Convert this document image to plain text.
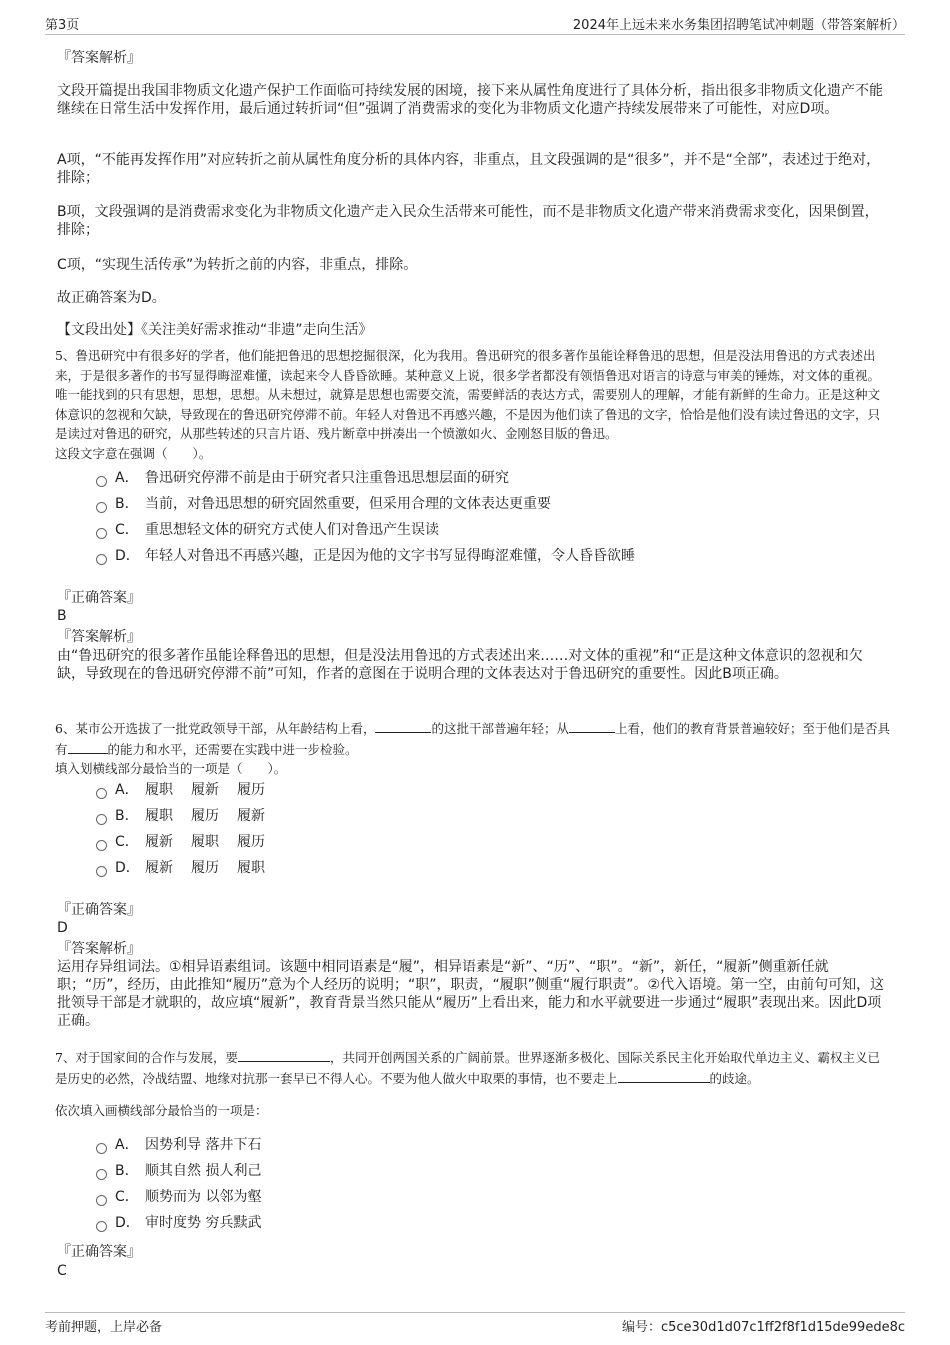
第3页	2024年上远未来水务集团招聘笔试冲刺题（带答案解析）
『答案解析』
文段开篇提出我国非物质文化遗产保护工作面临可持续发展的困境，接下来从属性角度进行了具体分析，指出很多非物质文化遗产不能继续在日常生活中发挥作用，最后通过转折词“但”强调了消费需求的变化为非物质文化遗产持续发展带来了可能性，对应D项。
A项，“不能再发挥作用”对应转折之前从属性角度分析的具体内容，非重点，且文段强调的是“很多”，并不是“全部”，表述过于绝对，排除；
B项，文段强调的是消费需求变化为非物质文化遗产走入民众生活带来可能性，而不是非物质文化遗产带来消费需求变化，因果倒置，排除；
C项，“实现生活传承”为转折之前的内容，非重点，排除。
故正确答案为D。
【文段出处】《关注美好需求推动“非遗”走向生活》
5、鲁迅研究中有很多好的学者，他们能把鲁迅的思想挖掘很深，化为我用。鲁迅研究的很多著作虽能诠释鲁迅的思想，但是没法用鲁迅的方式表述出来，于是很多著作的书写显得晦涩难懂，读起来令人昏昏欲睡。某种意义上说，很多学者都没有领悟鲁迅对语言的诗意与审美的锤炼，对文体的重视。唯一能找到的只有思想，思想，思想。从未想过，就算是思想也需要交流，需要鲜活的表达方式，需要别人的理解，才能有新鲜的生命力。正是这种文体意识的忽视和欠缺，导致现在的鲁迅研究停滞不前。年轻人对鲁迅不再感兴趣，不是因为他们读了鲁迅的文字，恰恰是他们没有读过鲁迅的文字，只是读过对鲁迅的研究，从那些转述的只言片语、残片断章中拼凑出一个愤激如火、金刚怒目版的鲁迅。
这段文字意在强调（　　）。
A． 鲁迅研究停滞不前是由于研究者只注重鲁迅思想层面的研究
B． 当前，对鲁迅思想的研究固然重要，但采用合理的文体表达更重要
C． 重思想轻文体的研究方式使人们对鲁迅产生误读
D． 年轻人对鲁迅不再感兴趣，正是因为他的文字书写显得晦涩难懂，令人昏昏欲睡
『正确答案』
B
『答案解析』
由“鲁迅研究的很多著作虽能诠释鲁迅的思想，但是没法用鲁迅的方式表述出来……对文体的重视”和“正是这种文体意识的忽视和欠缺，导致现在的鲁迅研究停滞不前”可知，作者的意图在于说明合理的文体表达对于鲁迅研究的重要性。因此B项正确。
6、某市公开选拔了一批党政领导干部，从年龄结构上看，	的这批干部普遍年轻；从	上看，他们的教育背景普遍较好；至于他们是否具有	的能力和水平，还需要在实践中进一步检验。
填入划横线部分最恰当的一项是（　　）。
A． 履职 履新 履历
B． 履职 履历 履新
C． 履新 履职 履历
D． 履新 履历 履职
『正确答案』
D
『答案解析』
运用存异组词法。①相异语素组词。该题中相同语素是“履”，相异语素是“新”、“历”、“职”。“新”，新任，“履新”侧重新任就职；“历”，经历，由此推知“履历”意为个人经历的说明；“职”，职责，“履职”侧重“履行职责”。②代入语境。第一空，由前句可知，这批领导干部是才就职的，故应填“履新”，教育背景当然只能从“履历”上看出来，能力和水平就要进一步通过“履职”表现出来。因此D项正确。
7、对于国家间的合作与发展，要	，共同开创两国关系的广阔前景。世界逐渐多极化、国际关系民主化开始取代单边主义、霸权主义已是历史的必然，冷战结盟、地缘对抗那一套早已不得人心。不要为他人做火中取栗的事情，也不要走上	的歧途。
依次填入画横线部分最恰当的一项是：
A． 因势利导 落井下石
B． 顺其自然 损人利己
C． 顺势而为 以邻为壑
D． 审时度势 穷兵黩武
『正确答案』
C
考前押题，上岸必备	编号：c5ce30d1d07c1ff2f8f1d15de99ede8c
